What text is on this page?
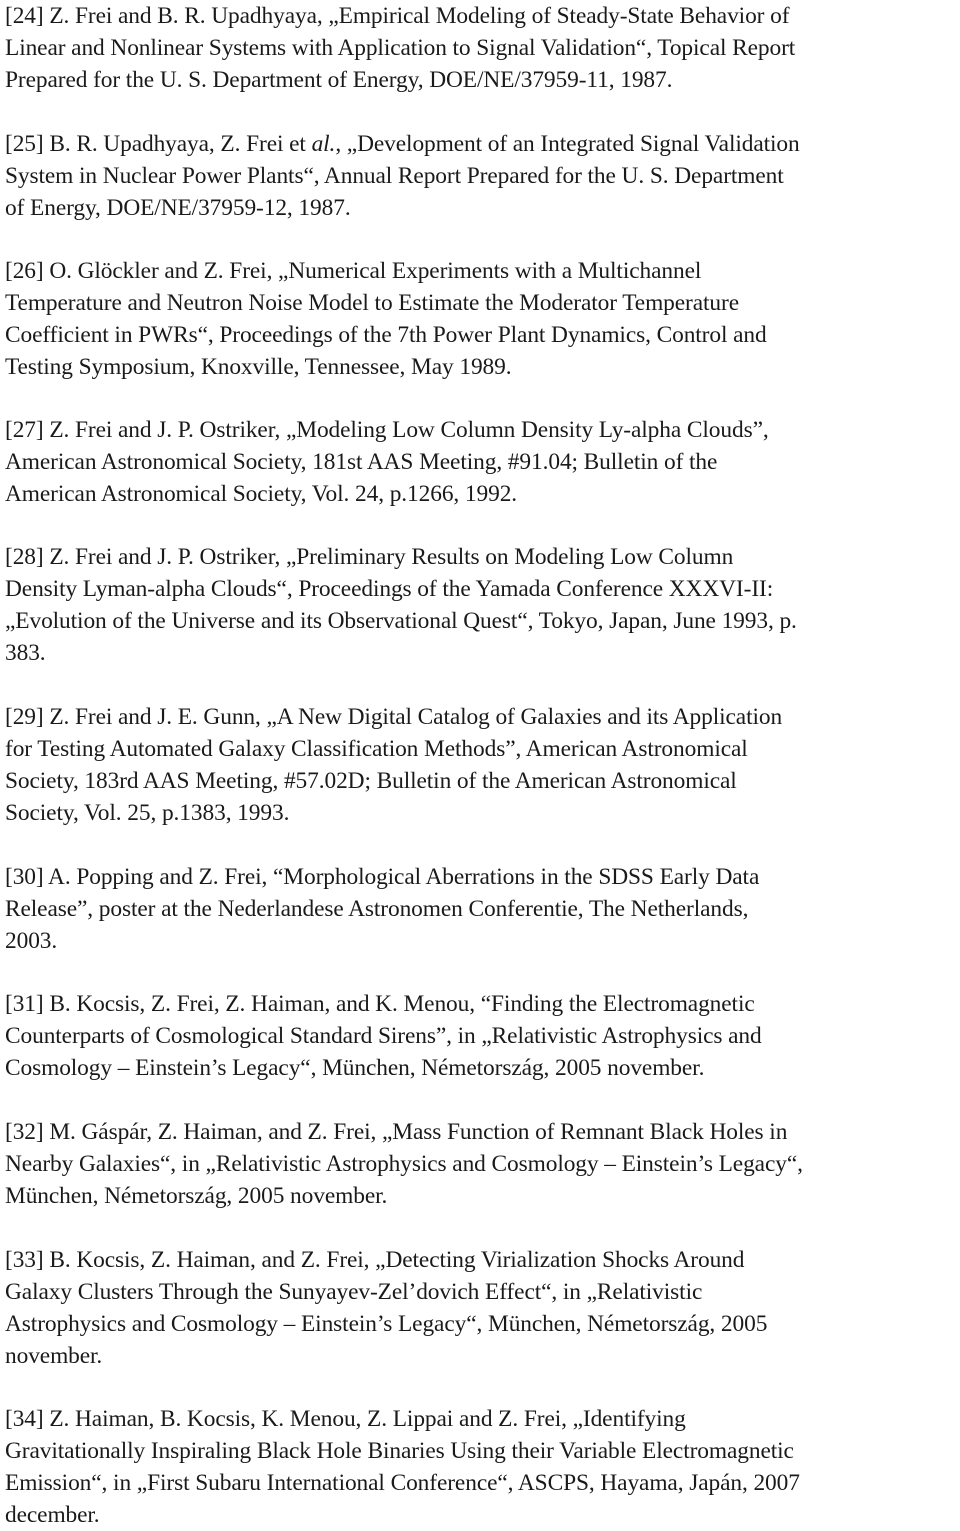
[24] Z. Frei and B. R. Upadhyaya, „Empirical Modeling of Steady-State Behavior of
Linear and Nonlinear Systems with Application to Signal Validation“, Topical Report
Prepared for the U. S. Department of Energy, DOE/NE/37959-11, 1987.
[25] B. R. Upadhyaya, Z. Frei et al., „Development of an Integrated Signal Validation
System in Nuclear Power Plants“, Annual Report Prepared for the U. S. Department
of Energy, DOE/NE/37959-12, 1987.
[26] O. Glöckler and Z. Frei, „Numerical Experiments with a Multichannel
Temperature and Neutron Noise Model to Estimate the Moderator Temperature
Coefficient in PWRs“, Proceedings of the 7th Power Plant Dynamics, Control and
Testing Symposium, Knoxville, Tennessee, May 1989.
[27] Z. Frei and J. P. Ostriker, „Modeling Low Column Density Ly-alpha Clouds”,
American Astronomical Society, 181st AAS Meeting, #91.04; Bulletin of the
American Astronomical Society, Vol. 24, p.1266, 1992.
[28] Z. Frei and J. P. Ostriker, „Preliminary Results on Modeling Low Column
Density Lyman-alpha Clouds“, Proceedings of the Yamada Conference XXXVI-II:
„Evolution of the Universe and its Observational Quest“, Tokyo, Japan, June 1993, p.
383.
[29] Z. Frei and J. E. Gunn, „A New Digital Catalog of Galaxies and its Application
for Testing Automated Galaxy Classification Methods”, American Astronomical
Society, 183rd AAS Meeting, #57.02D; Bulletin of the American Astronomical
Society, Vol. 25, p.1383, 1993.
[30] A. Popping and Z. Frei, “Morphological Aberrations in the SDSS Early Data
Release”, poster at the Nederlandese Astronomen Conferentie, The Netherlands,
2003.
[31] B. Kocsis, Z. Frei, Z. Haiman, and K. Menou, “Finding the Electromagnetic
Counterparts of Cosmological Standard Sirens”, in „Relativistic Astrophysics and
Cosmology – Einstein’s Legacy“, München, Németország, 2005 november.
[32] M. Gáspár, Z. Haiman, and Z. Frei, „Mass Function of Remnant Black Holes in
Nearby Galaxies“, in „Relativistic Astrophysics and Cosmology – Einstein’s Legacy“,
München, Németország, 2005 november.
[33] B. Kocsis, Z. Haiman, and Z. Frei, „Detecting Virialization Shocks Around
Galaxy Clusters Through the Sunyayev-Zel’dovich Effect“, in „Relativistic
Astrophysics and Cosmology – Einstein’s Legacy“, München, Németország, 2005
november.
[34] Z. Haiman, B. Kocsis, K. Menou, Z. Lippai and Z. Frei, „Identifying
Gravitationally Inspiraling Black Hole Binaries Using their Variable Electromagnetic
Emission“, in „First Subaru International Conference“, ASCPS, Hayama, Japán, 2007
december.
